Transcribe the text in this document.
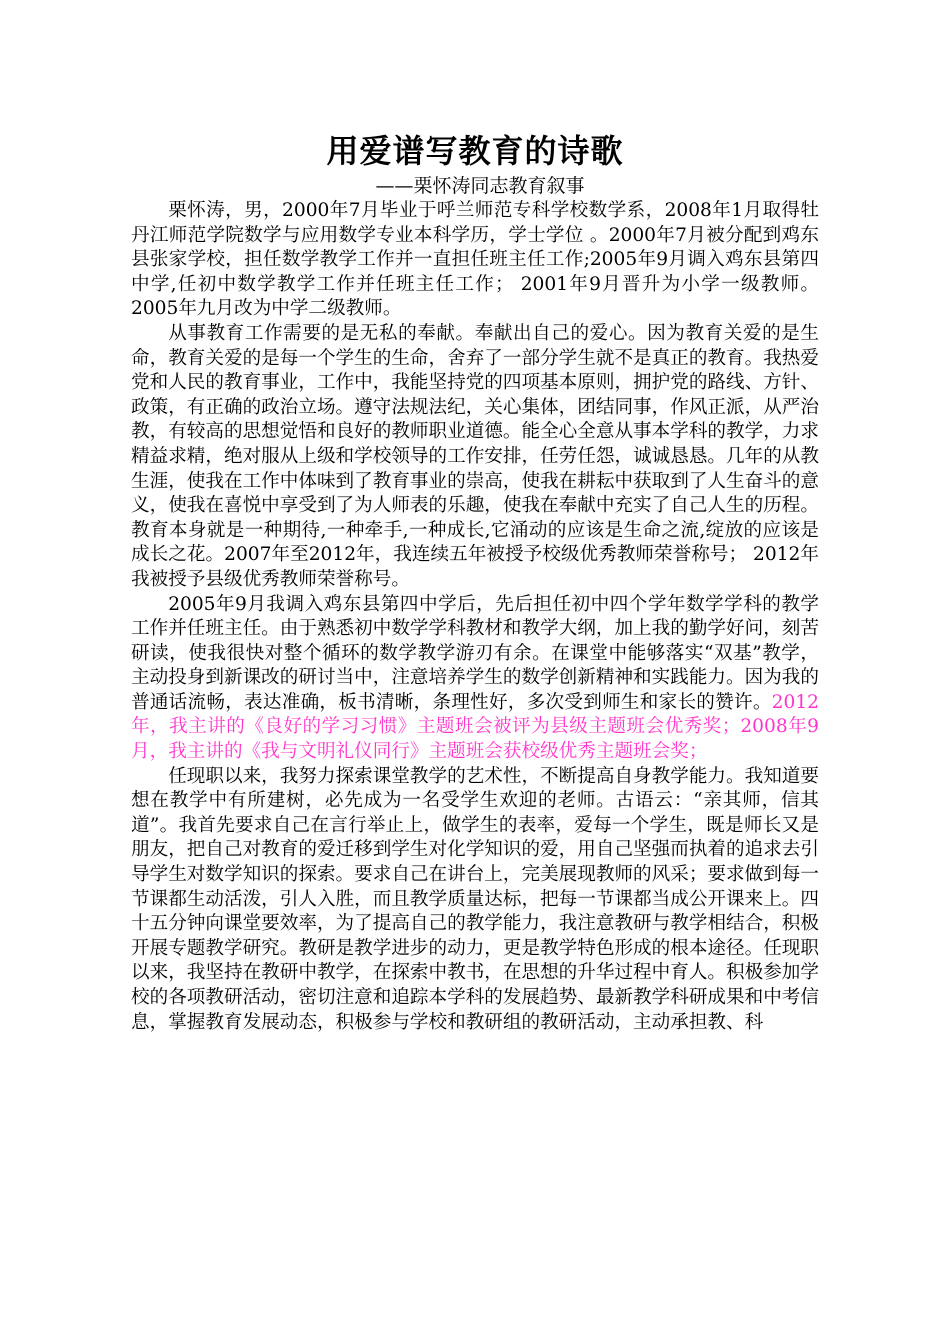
用爱谱写教育的诗歌

——栗怀涛同志教育叙事

栗怀涛，男，2000年7月毕业于呼兰师范专科学校数学系，2008年1月取得牡丹江师范学院数学与应用数学专业本科学历，学士学位 。2000年7月被分配到鸡东县张家学校，担任数学教学工作并一直担任班主任工作;2005年9月调入鸡东县第四中学,任初中数学教学工作并任班主任工作； 2001年9月晋升为小学一级教师。2005年九月改为中学二级教师。

从事教育工作需要的是无私的奉献。奉献出自己的爱心。因为教育关爱的是生命，教育关爱的是每一个学生的生命，舍弃了一部分学生就不是真正的教育。我热爱党和人民的教育事业，工作中，我能坚持党的四项基本原则，拥护党的路线、方针、政策，有正确的政治立场。遵守法规法纪，关心集体，团结同事，作风正派，从严治教，有较高的思想觉悟和良好的教师职业道德。能全心全意从事本学科的教学，力求精益求精，绝对服从上级和学校领导的工作安排，任劳任怨，诚诚恳恳。几年的从教生涯，使我在工作中体味到了教育事业的崇高，使我在耕耘中获取到了人生奋斗的意义，使我在喜悦中享受到了为人师表的乐趣，使我在奉献中充实了自己人生的历程。教育本身就是一种期待,一种牵手,一种成长,它涌动的应该是生命之流,绽放的应该是成长之花。2007年至2012年，我连续五年被授予校级优秀教师荣誉称号； 2012年我被授予县级优秀教师荣誉称号。

2005年9月我调入鸡东县第四中学后，先后担任初中四个学年数学学科的教学工作并任班主任。由于熟悉初中数学学科教材和教学大纲，加上我的勤学好问，刻苦研读，使我很快对整个循环的数学教学游刃有余。在课堂中能够落实“双基”教学，主动投身到新课改的研讨当中，注意培养学生的数学创新精神和实践能力。因为我的普通话流畅，表达准确，板书清晰，条理性好，多次受到师生和家长的赞许。2012年，我主讲的《良好的学习习惯》主题班会被评为县级主题班会优秀奖；2008年9月，我主讲的《我与文明礼仪同行》主题班会获校级优秀主题班会奖；

任现职以来，我努力探索课堂教学的艺术性，不断提高自身教学能力。我知道要想在教学中有所建树，必先成为一名受学生欢迎的老师。古语云：“亲其师，信其道”。我首先要求自己在言行举止上，做学生的表率，爱每一个学生，既是师长又是朋友，把自己对教育的爱迁移到学生对化学知识的爱，用自己坚强而执着的追求去引导学生对数学知识的探索。要求自己在讲台上，完美展现教师的风采；要求做到每一节课都生动活泼，引人入胜，而且教学质量达标，把每一节课都当成公开课来上。四十五分钟向课堂要效率，为了提高自己的教学能力，我注意教研与教学相结合，积极开展专题教学研究。教研是教学进步的动力，更是教学特色形成的根本途径。任现职以来，我坚持在教研中教学，在探索中教书，在思想的升华过程中育人。积极参加学校的各项教研活动，密切注意和追踪本学科的发展趋势、最新教学科研成果和中考信息，掌握教育发展动态，积极参与学校和教研组的教研活动，主动承担教、科
